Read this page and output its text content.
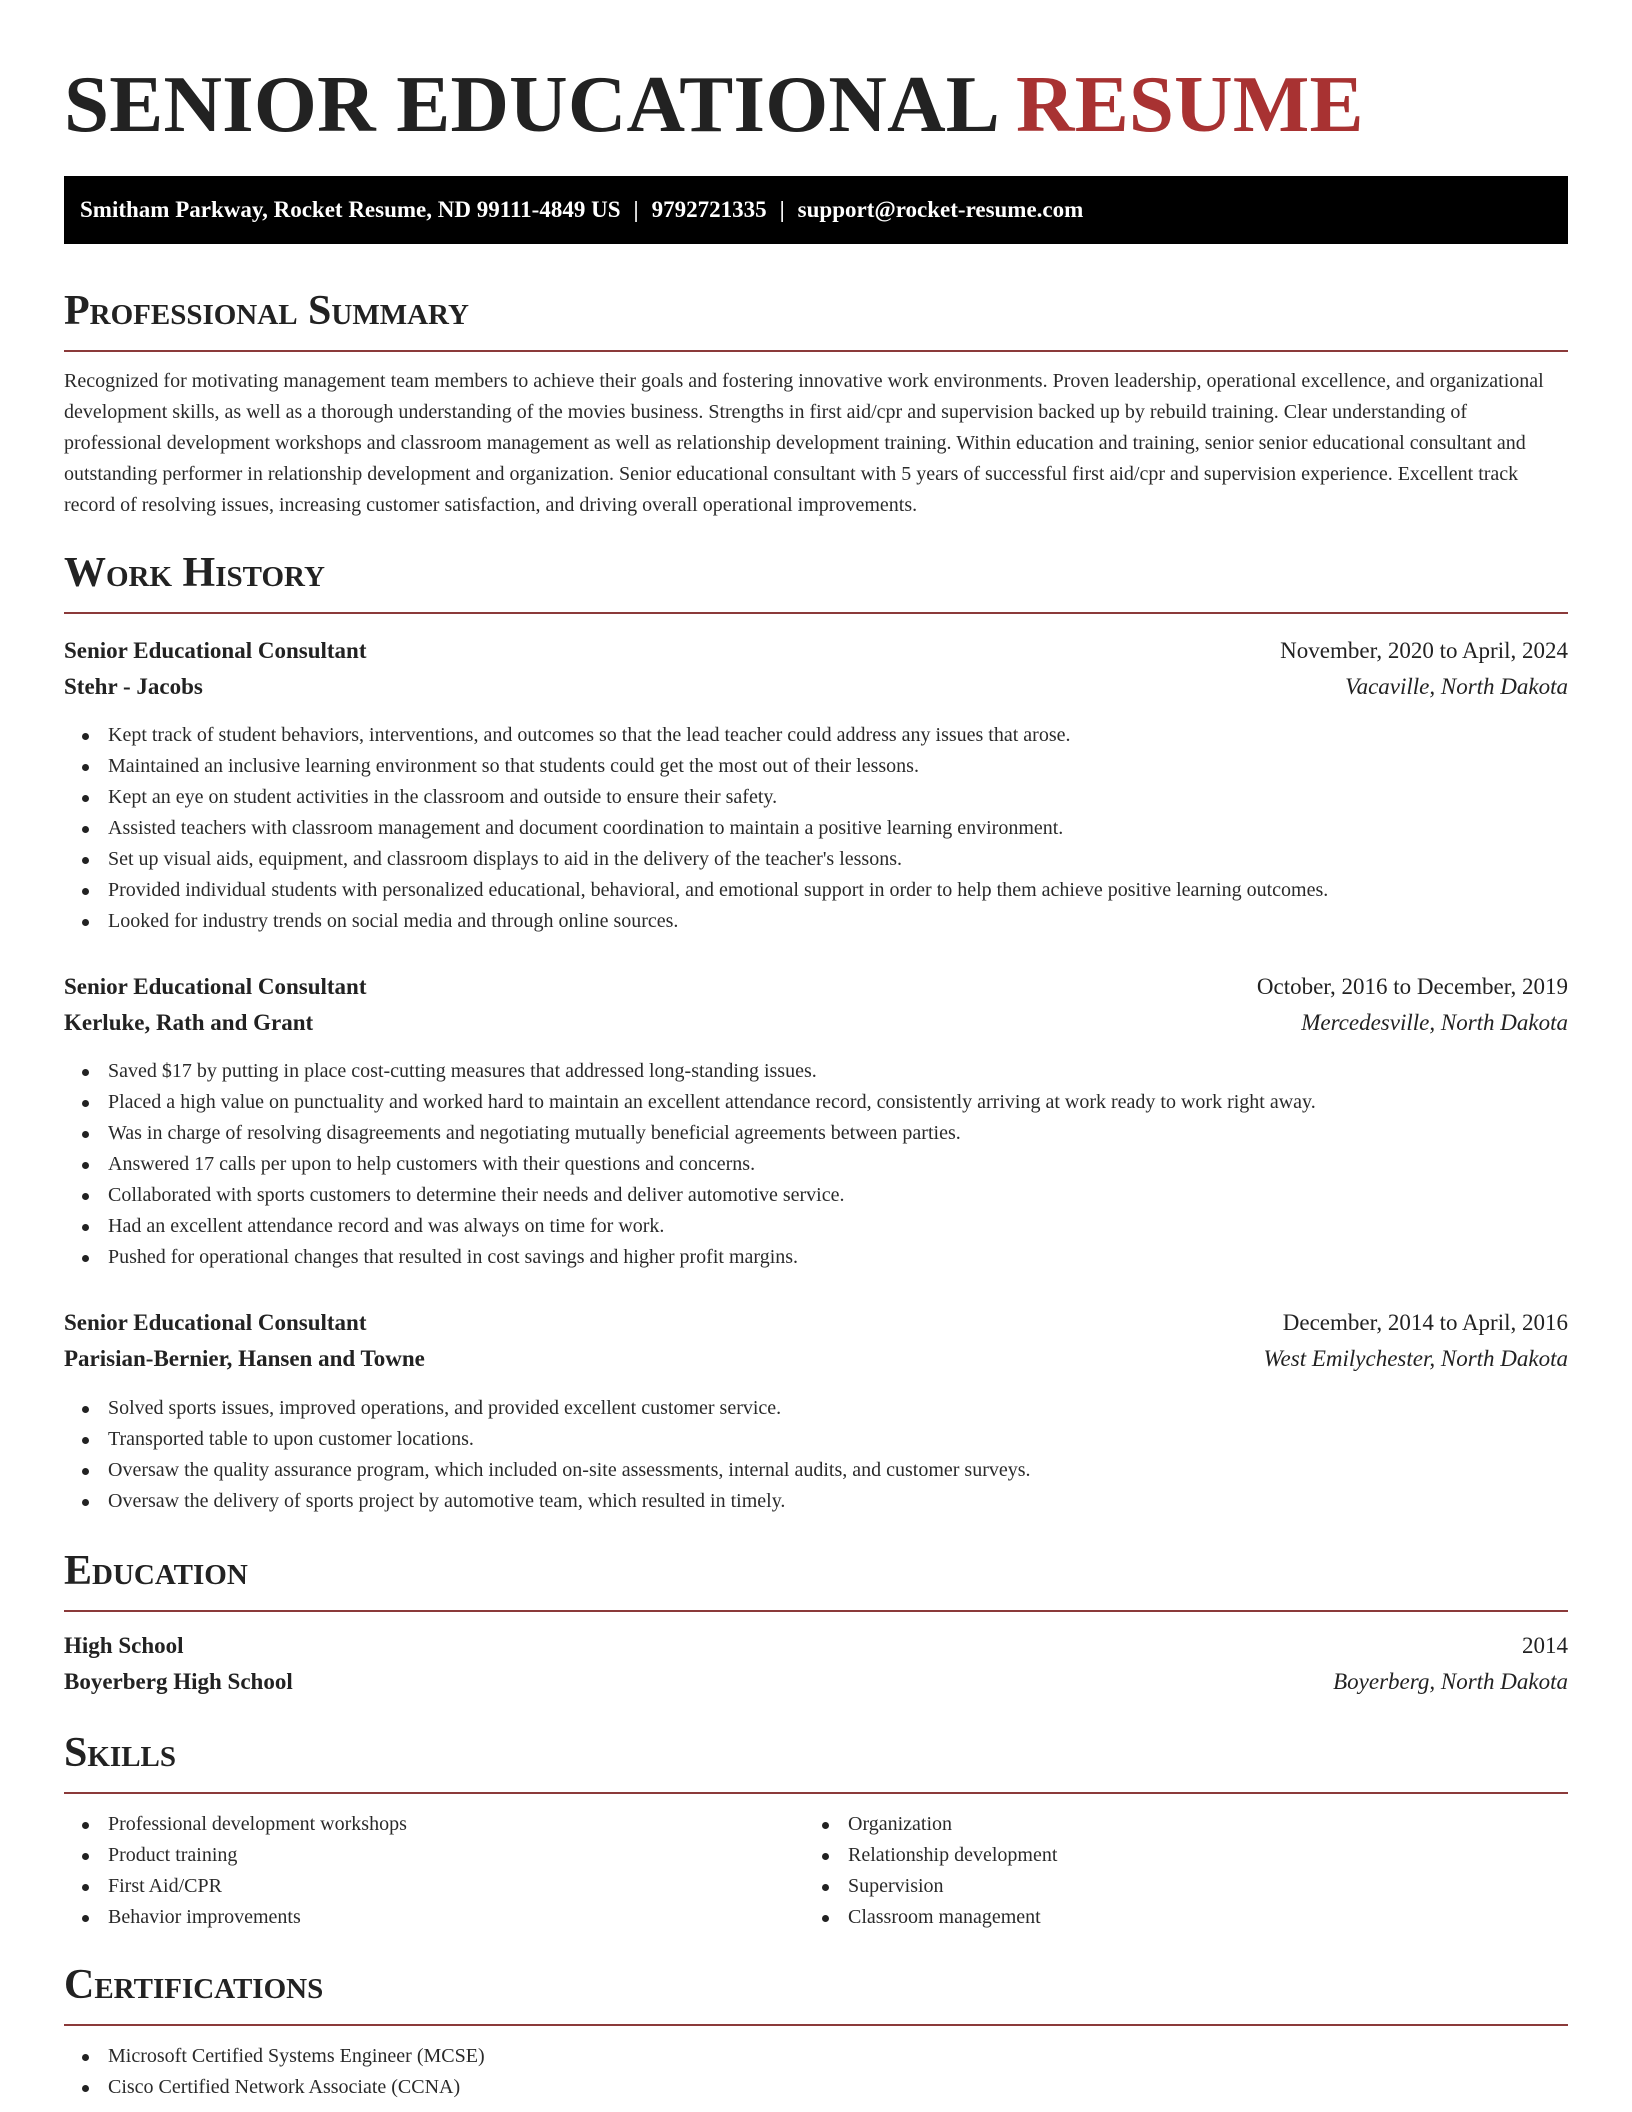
SENIOR EDUCATIONAL RESUME
Smitham Parkway, Rocket Resume, ND 99111-4849 US | 9792721335 | support@rocket-resume.com
Professional Summary

Recognized for motivating management team members to achieve their goals and fostering innovative work environments. Proven leadership, operational excellence, and organizational development skills, as well as a thorough understanding of the movies business. Strengths in first aid/cpr and supervision backed up by rebuild training. Clear understanding of professional development workshops and classroom management as well as relationship development training. Within education and training, senior senior educational consultant and outstanding performer in relationship development and organization. Senior educational consultant with 5 years of successful first aid/cpr and supervision experience. Excellent track record of resolving issues, increasing customer satisfaction, and driving overall operational improvements.

Work History
Senior Educational Consultant	November, 2020 to April, 2024
Stehr - Jacobs	Vacaville, North Dakota
Kept track of student behaviors, interventions, and outcomes so that the lead teacher could address any issues that arose.
Maintained an inclusive learning environment so that students could get the most out of their lessons.
Kept an eye on student activities in the classroom and outside to ensure their safety.
Assisted teachers with classroom management and document coordination to maintain a positive learning environment.
Set up visual aids, equipment, and classroom displays to aid in the delivery of the teacher's lessons.
Provided individual students with personalized educational, behavioral, and emotional support in order to help them achieve positive learning outcomes.
Looked for industry trends on social media and through online sources.
Senior Educational Consultant	October, 2016 to December, 2019
Kerluke, Rath and Grant	Mercedesville, North Dakota
Saved $17 by putting in place cost-cutting measures that addressed long-standing issues.
Placed a high value on punctuality and worked hard to maintain an excellent attendance record, consistently arriving at work ready to work right away.
Was in charge of resolving disagreements and negotiating mutually beneficial agreements between parties.
Answered 17 calls per upon to help customers with their questions and concerns.
Collaborated with sports customers to determine their needs and deliver automotive service.
Had an excellent attendance record and was always on time for work.
Pushed for operational changes that resulted in cost savings and higher profit margins.
Senior Educational Consultant	December, 2014 to April, 2016
Parisian-Bernier, Hansen and Towne	West Emilychester, North Dakota
Solved sports issues, improved operations, and provided excellent customer service.
Transported table to upon customer locations.
Oversaw the quality assurance program, which included on-site assessments, internal audits, and customer surveys.
Oversaw the delivery of sports project by automotive team, which resulted in timely.
Education
High School	2014
Boyerberg High School	Boyerberg, North Dakota
Skills
Professional development workshops
Product training
First Aid/CPR
Behavior improvements
Organization
Relationship development
Supervision
Classroom management
Certifications
Microsoft Certified Systems Engineer (MCSE)
Cisco Certified Network Associate (CCNA)
